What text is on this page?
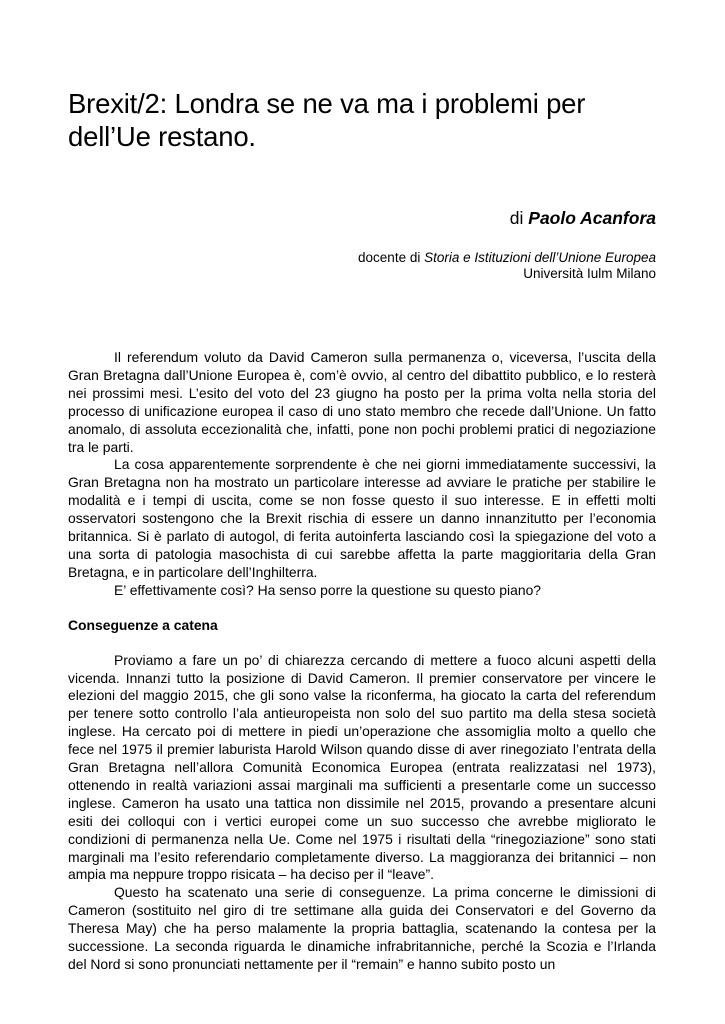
Brexit/2: Londra se ne va ma i problemi per dell’Ue restano.

di Paolo Acanfora

docente di Storia e Istituzioni dell’Unione Europea
Università Iulm Milano

Il referendum voluto da David Cameron sulla permanenza o, viceversa, l’uscita della Gran Bretagna dall’Unione Europea è, com’è ovvio, al centro del dibattito pubblico, e lo resterà nei prossimi mesi. L’esito del voto del 23 giugno ha posto per la prima volta nella storia del processo di unificazione europea il caso di uno stato membro che recede dall’Unione. Un fatto anomalo, di assoluta eccezionalità che, infatti, pone non pochi problemi pratici di negoziazione tra le parti.

La cosa apparentemente sorprendente è che nei giorni immediatamente successivi, la Gran Bretagna non ha mostrato un particolare interesse ad avviare le pratiche per stabilire le modalità e i tempi di uscita, come se non fosse questo il suo interesse. E in effetti molti osservatori sostengono che la Brexit rischia di essere un danno innanzitutto per l’economia britannica. Si è parlato di autogol, di ferita autoinferta lasciando così la spiegazione del voto a una sorta di patologia masochista di cui sarebbe affetta la parte maggioritaria della Gran Bretagna, e in particolare dell’Inghilterra.

E’ effettivamente così? Ha senso porre la questione su questo piano?

Conseguenze a catena

Proviamo a fare un po’ di chiarezza cercando di mettere a fuoco alcuni aspetti della vicenda. Innanzi tutto la posizione di David Cameron. Il premier conservatore per vincere le elezioni del maggio 2015, che gli sono valse la riconferma, ha giocato la carta del referendum per tenere sotto controllo l’ala antieuropeista non solo del suo partito ma della stesa società inglese. Ha cercato poi di mettere in piedi un’operazione che assomiglia molto a quello che fece nel 1975 il premier laburista Harold Wilson quando disse di aver rinegoziato l’entrata della Gran Bretagna nell’allora Comunità Economica Europea (entrata realizzatasi nel 1973), ottenendo in realtà variazioni assai marginali ma sufficienti a presentarle come un successo inglese. Cameron ha usato una tattica non dissimile nel 2015, provando a presentare alcuni esiti dei colloqui con i vertici europei come un suo successo che avrebbe migliorato le condizioni di permanenza nella Ue. Come nel 1975 i risultati della “rinegoziazione” sono stati marginali ma l’esito referendario completamente diverso. La maggioranza dei britannici – non ampia ma neppure troppo risicata – ha deciso per il “leave”.

Questo ha scatenato una serie di conseguenze. La prima concerne le dimissioni di Cameron (sostituito nel giro di tre settimane alla guida dei Conservatori e del Governo da Theresa May) che ha perso malamente la propria battaglia, scatenando la contesa per la successione. La seconda riguarda le dinamiche infrabritanniche, perché la Scozia e l’Irlanda del Nord si sono pronunciati nettamente per il “remain” e hanno subito posto un
